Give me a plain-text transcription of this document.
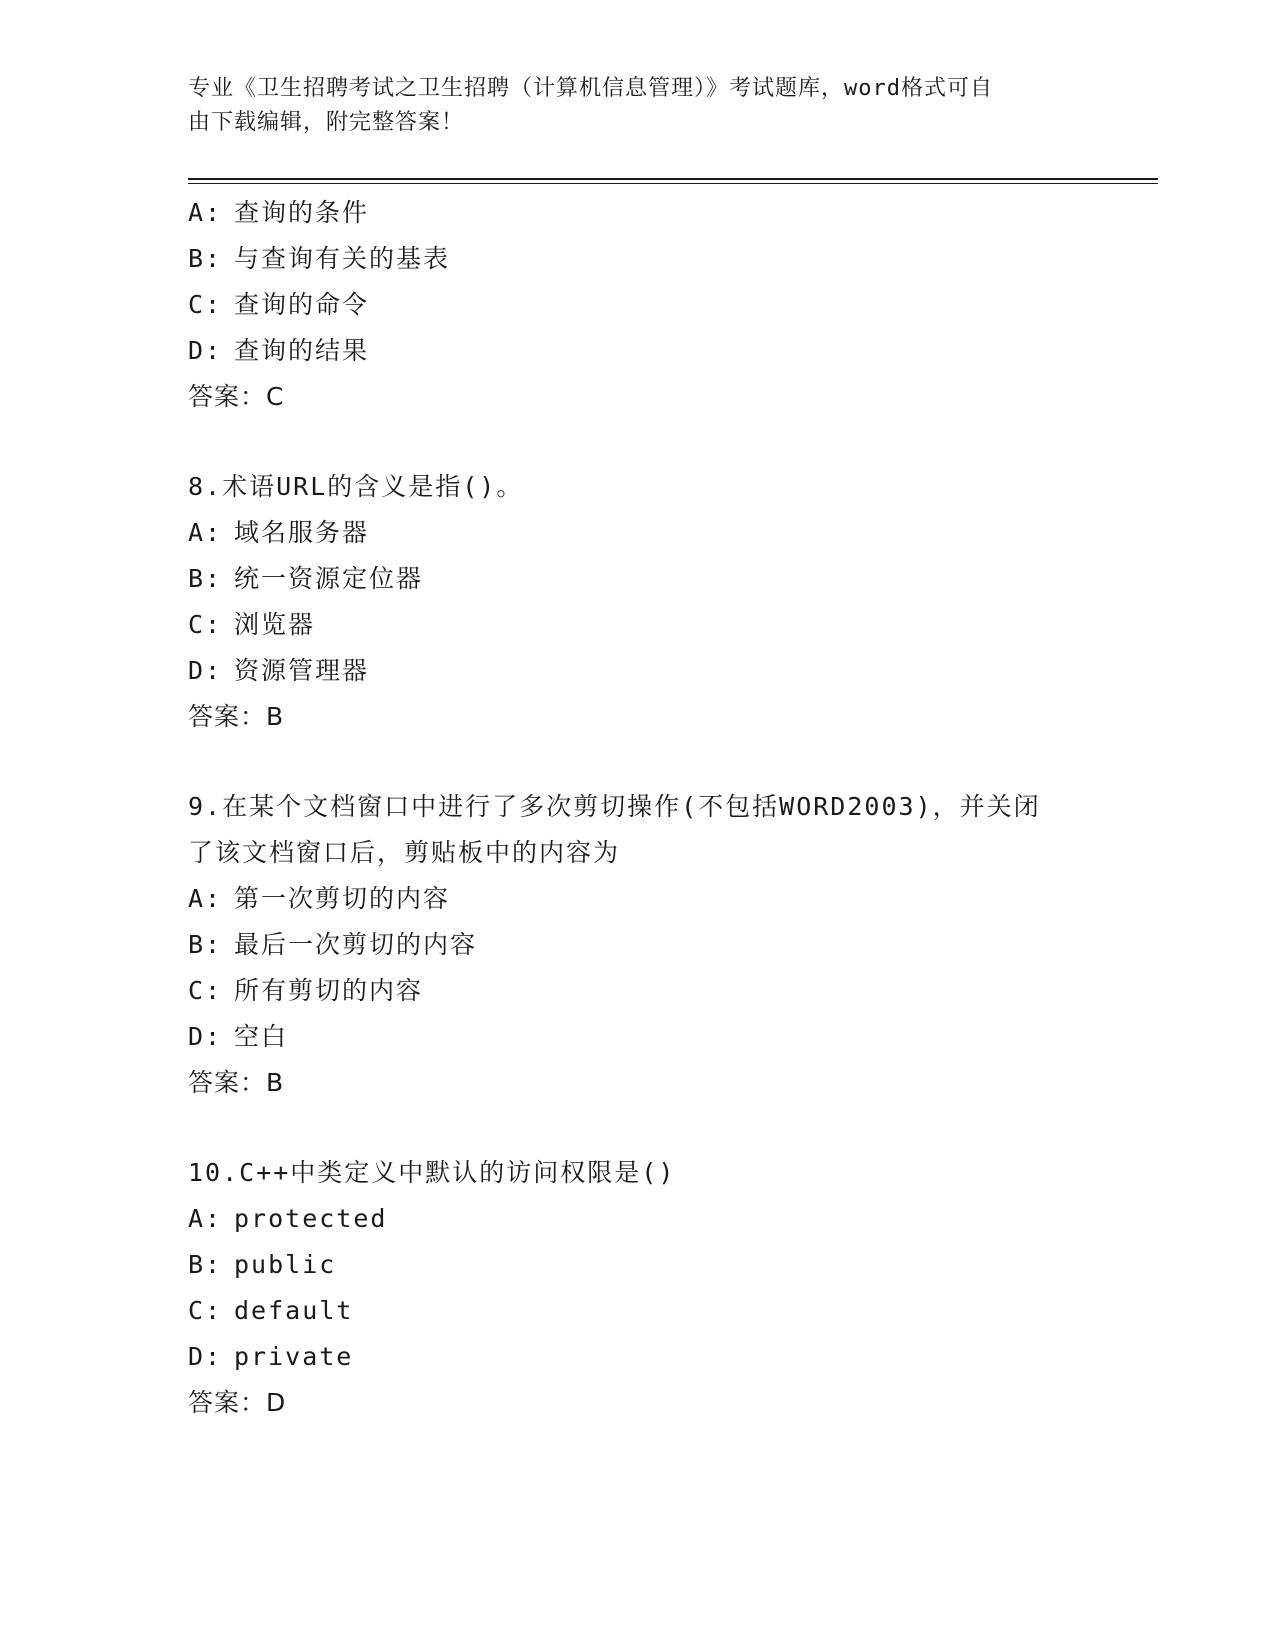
专业《卫生招聘考试之卫生招聘（计算机信息管理）》考试题库，word格式可自
由下载编辑，附完整答案！
A: 查询的条件
B: 与查询有关的基表
C: 查询的命令
D: 查询的结果
答案：C
8.术语URL的含义是指()。
A: 域名服务器
B: 统一资源定位器
C: 浏览器
D: 资源管理器
答案：B
9.在某个文档窗口中进行了多次剪切操作(不包括WORD2003)，并关闭
了该文档窗口后，剪贴板中的内容为
A: 第一次剪切的内容
B: 最后一次剪切的内容
C: 所有剪切的内容
D: 空白
答案：B
10.C++中类定义中默认的访问权限是()
A: protected
B: public
C: default
D: private
答案：D
